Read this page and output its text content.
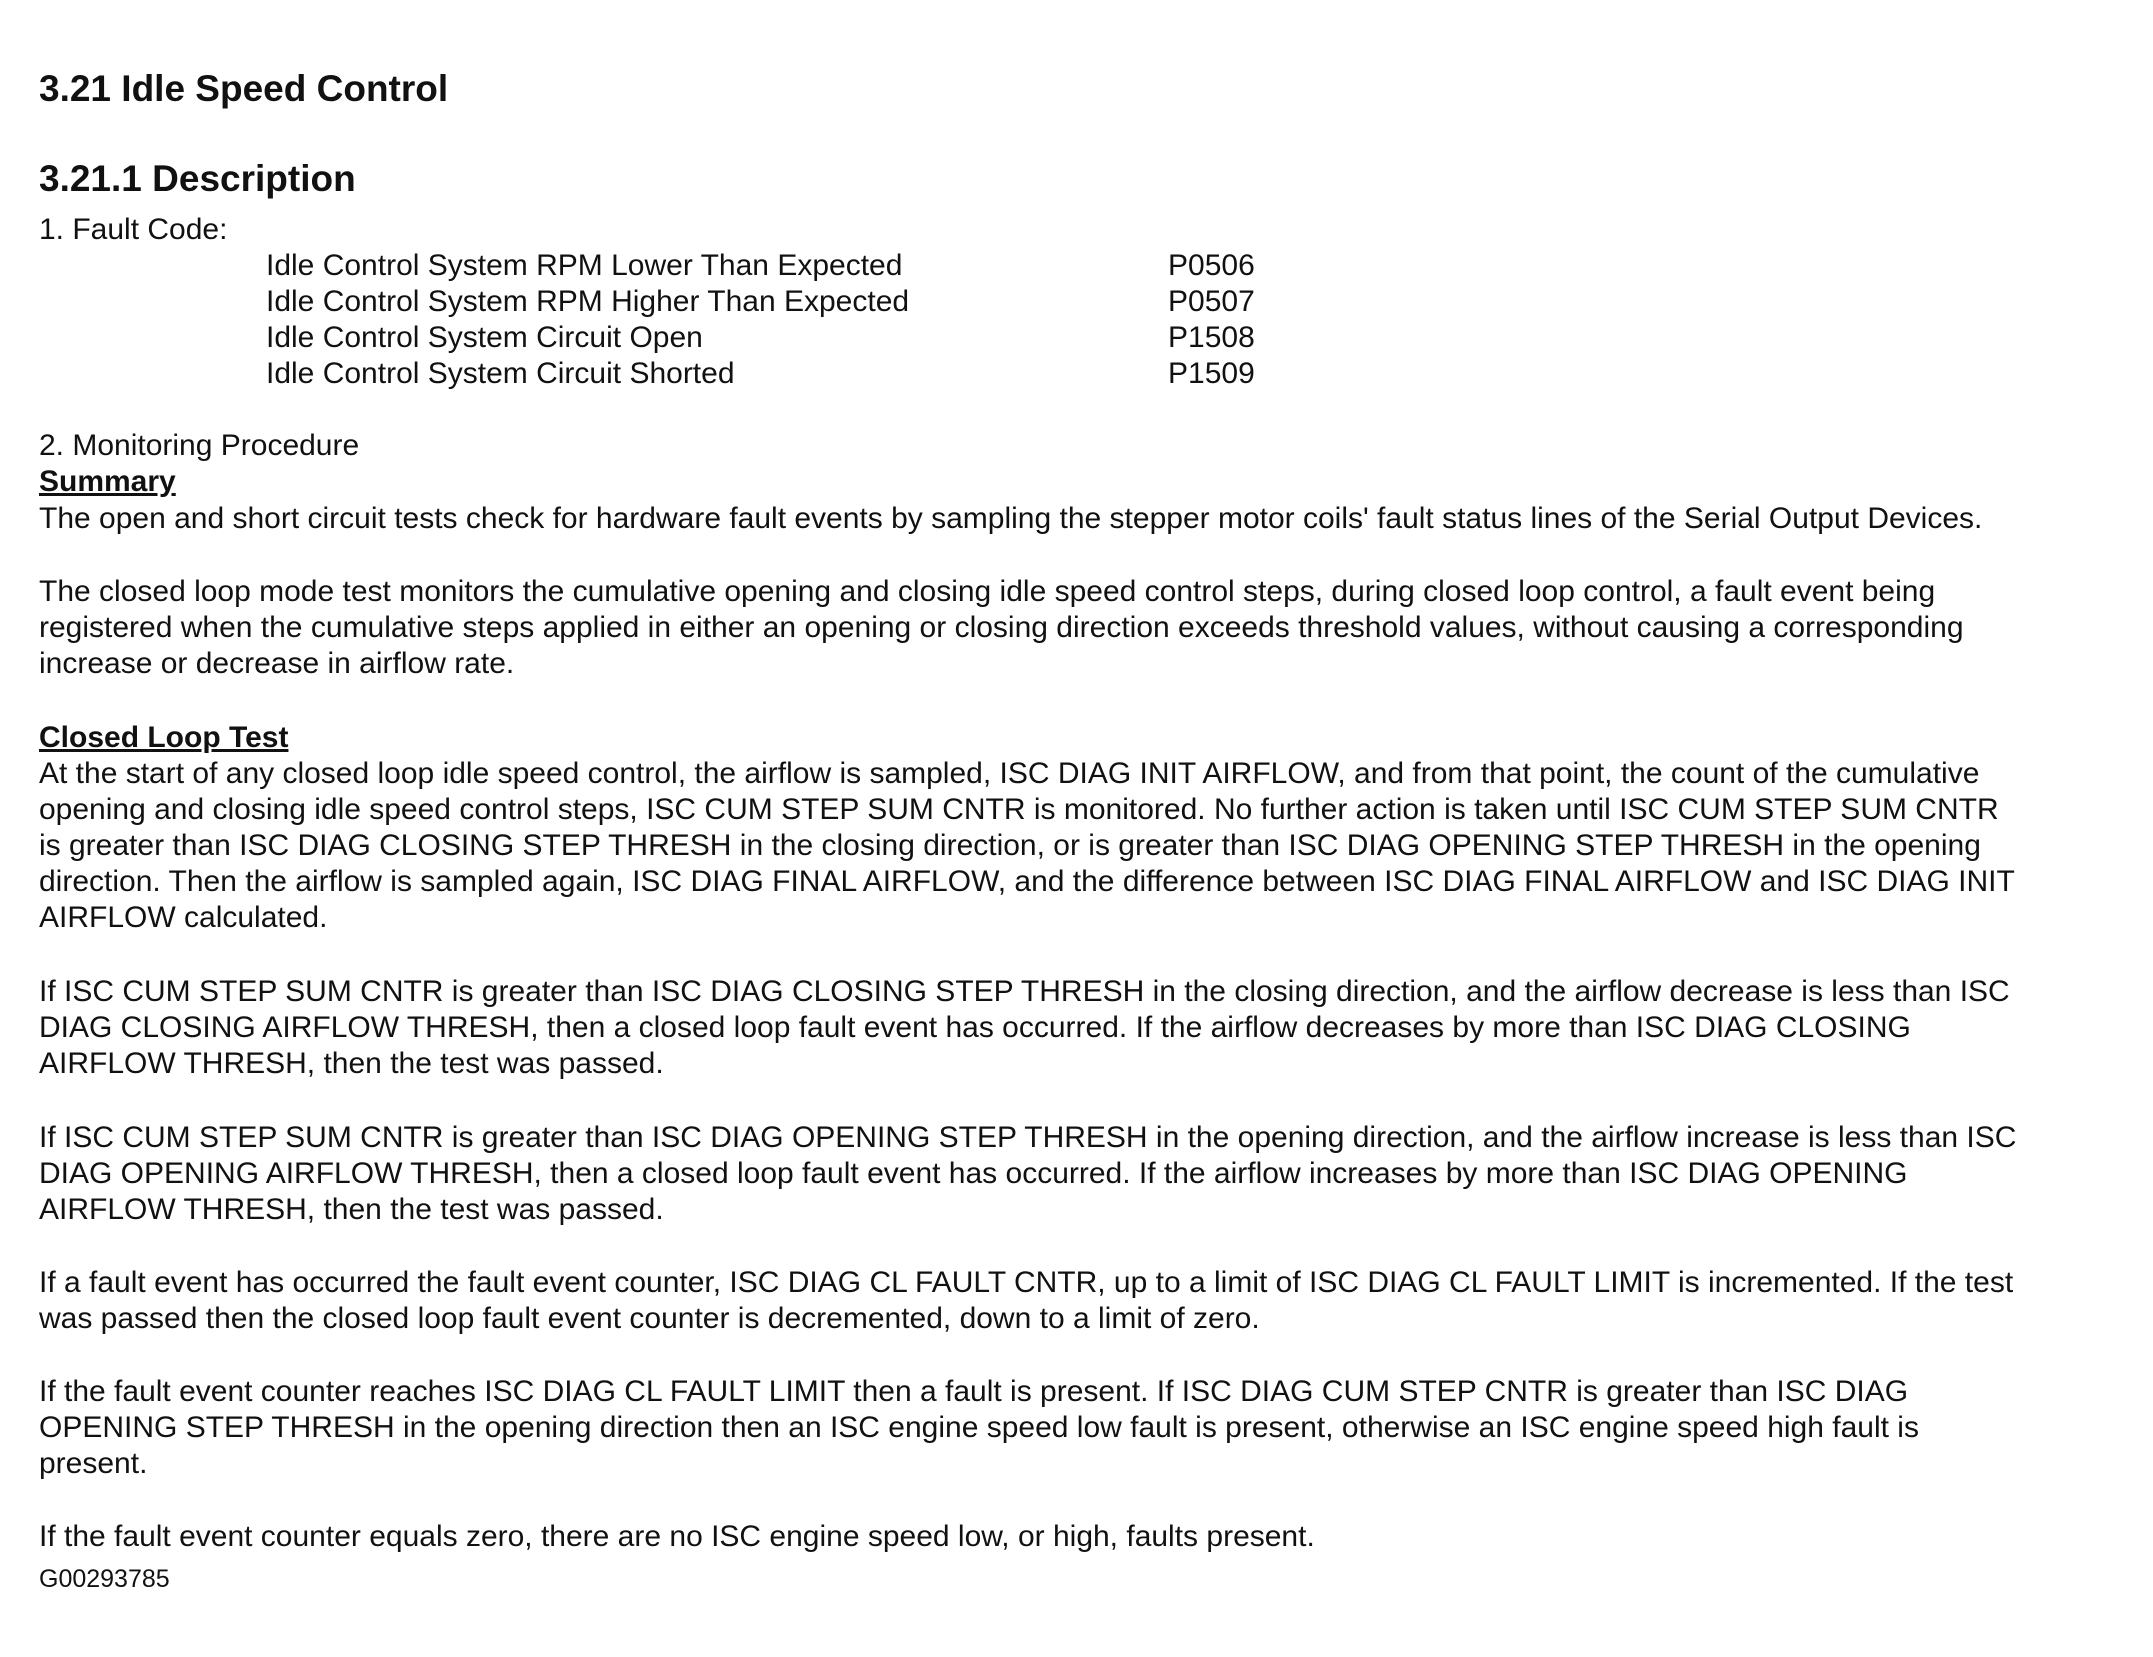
3.21 Idle Speed Control
3.21.1 Description
1. Fault Code:
Idle Control System RPM Lower Than Expected	P0506
Idle Control System RPM Higher Than Expected	P0507
Idle Control System Circuit Open	P1508
Idle Control System Circuit Shorted	P1509
2. Monitoring Procedure
Summary
The open and short circuit tests check for hardware fault events by sampling the stepper motor coils' fault status lines of the Serial Output Devices.
The closed loop mode test monitors the cumulative opening and closing idle speed control steps, during closed loop control, a fault event being
registered when the cumulative steps applied in either an opening or closing direction exceeds threshold values, without causing a corresponding
increase or decrease in airflow rate.
Closed Loop Test
At the start of any closed loop idle speed control, the airflow is sampled, ISC DIAG INIT AIRFLOW, and from that point, the count of the cumulative
opening and closing idle speed control steps, ISC CUM STEP SUM CNTR is monitored. No further action is taken until ISC CUM STEP SUM CNTR
is greater than ISC DIAG CLOSING STEP THRESH in the closing direction, or is greater than ISC DIAG OPENING STEP THRESH in the opening
direction. Then the airflow is sampled again, ISC DIAG FINAL AIRFLOW, and the difference between ISC DIAG FINAL AIRFLOW and ISC DIAG INIT
AIRFLOW calculated.
If ISC CUM STEP SUM CNTR is greater than ISC DIAG CLOSING STEP THRESH in the closing direction, and the airflow decrease is less than ISC
DIAG CLOSING AIRFLOW THRESH, then a closed loop fault event has occurred. If the airflow decreases by more than ISC DIAG CLOSING
AIRFLOW THRESH, then the test was passed.
If ISC CUM STEP SUM CNTR is greater than ISC DIAG OPENING STEP THRESH in the opening direction, and the airflow increase is less than ISC
DIAG OPENING AIRFLOW THRESH, then a closed loop fault event has occurred. If the airflow increases by more than ISC DIAG OPENING
AIRFLOW THRESH, then the test was passed.
If a fault event has occurred the fault event counter, ISC DIAG CL FAULT CNTR, up to a limit of ISC DIAG CL FAULT LIMIT is incremented. If the test
was passed then the closed loop fault event counter is decremented, down to a limit of zero.
If the fault event counter reaches ISC DIAG CL FAULT LIMIT then a fault is present. If ISC DIAG CUM STEP CNTR is greater than ISC DIAG
OPENING STEP THRESH in the opening direction then an ISC engine speed low fault is present, otherwise an ISC engine speed high fault is
present.
If the fault event counter equals zero, there are no ISC engine speed low, or high, faults present.
G00293785
